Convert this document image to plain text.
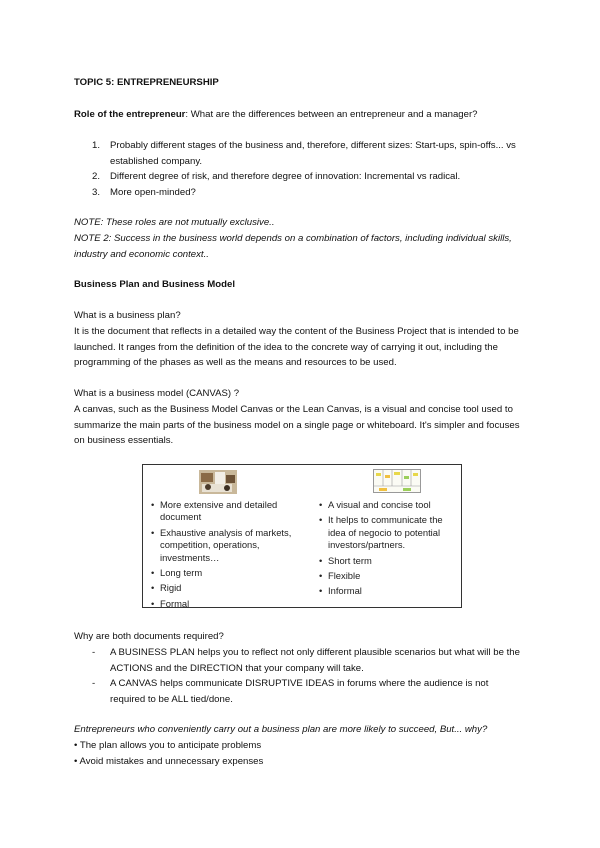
TOPIC 5: ENTREPRENEURSHIP

Role of the entrepreneur: What are the differences between an entrepreneur and a manager?

1. Probably different stages of the business and, therefore, different sizes: Start-ups, spin-offs... vs established company.
2. Different degree of risk, and therefore degree of innovation: Incremental vs radical.
3. More open-minded?

NOTE: These roles are not mutually exclusive..

NOTE 2: Success in the business world depends on a combination of factors, including individual skills, industry and economic context..

Business Plan and Business Model

What is a business plan?

It is the document that reflects in a detailed way the content of the Business Project that is intended to be launched. It ranges from the definition of the idea to the concrete way of carrying it out, including the programming of the phases as well as the means and resources to be used.

What is a business model (CANVAS) ?

A canvas, such as the Business Model Canvas or the Lean Canvas, is a visual and concise tool used to summarize the main parts of the business model on a single page or whiteboard. It's simpler and focuses on business essentials.

• More extensive and detailed document
• Exhaustive analysis of markets, competition, operations, investments…
• Long term
• Rigid
• Formal
• A visual and concise tool
• It helps to communicate the idea of negocio to potential investors/partners.
• Short term
• Flexible
• Informal

Why are both documents required?

- A BUSINESS PLAN helps you to reflect not only different plausible scenarios but what will be the ACTIONS and the DIRECTION that your company will take.
- A CANVAS helps communicate DISRUPTIVE IDEAS in forums where the audience is not required to be ALL tied/done.

Entrepreneurs who conveniently carry out a business plan are more likely to succeed, But... why?

• The plan allows you to anticipate problems

• Avoid mistakes and unnecessary expenses
